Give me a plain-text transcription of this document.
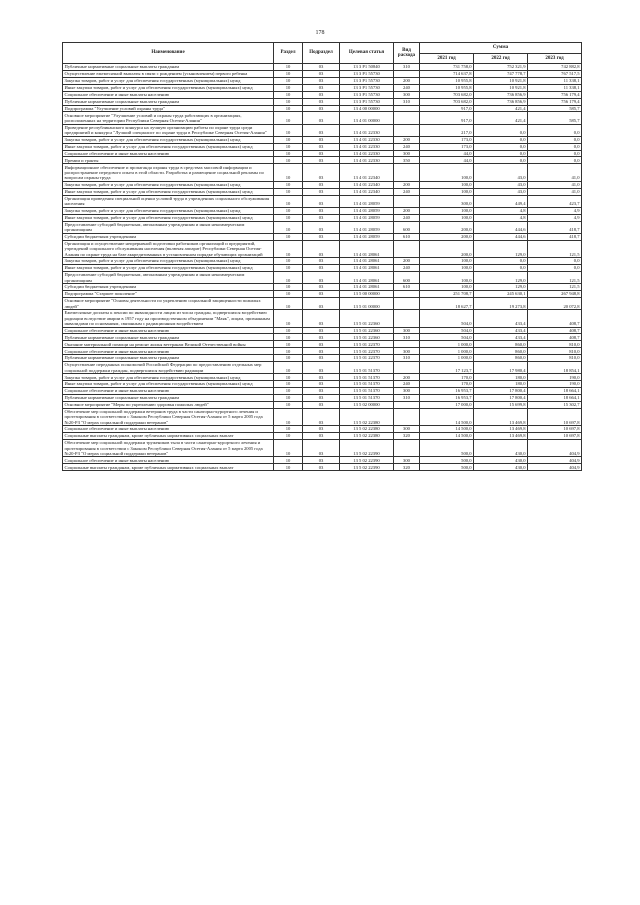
178
Наименование	Раздел	Подраздел	Целевая статья	Вид расхода	Сумма		
					2021 год	2022 год	2023 год
Публичные нормативные социальные выплаты гражданам	10	03	13 3 P1 50840	310	731 758,0	752 321,9	742 882,8
Осуществление ежемесячной выплаты в связи с рождением (усыновлением) первого ребенка	10	03	13 3 P1 55730		714 637,8	747 778,7	767 517,5
Закупка товаров, работ и услуг для обеспечения государственных (муниципальных) нужд	10	03	13 3 P1 55730	200	10 955,8	10 921,8	11 338,1
Иные закупки товаров, работ и услуг для обеспечения государственных (муниципальных) нужд	10	03	13 3 P1 55730	240	10 955,8	10 921,8	11 338,1
Социальное обеспечение и иные выплаты населению	10	03	13 3 P1 55730	300	703 682,0	736 856,9	756 179,4
Публичные нормативные социальные выплаты гражданам	10	03	13 3 P1 55730	310	703 682,0	736 856,9	756 179,4
Подпрограмма "Улучшение условий охраны труда"	10	03	13 4 00 00000		917,0	421,4	585,7
Основное мероприятие "Улучшение условий и охраны труда работающих в организациях, расположенных на территории Республики Северная Осетия-Алания"	10	03	13 4 01 00000		917,0	421,4	585,7
Проведение республиканского конкурса на лучшую организацию работы по охране труда среди предприятий и конкурса "Лучший специалист по охране труда в Республике Северная Осетия-Алания"	10	03	13 4 01 22330		217,0	0,0	0,0
Закупка товаров, работ и услуг для обеспечения государственных (муниципальных) нужд	10	03	13 4 01 22330	200	173,0	0,0	0,0
Иные закупки товаров, работ и услуг для обеспечения государственных (муниципальных) нужд	10	03	13 4 01 22330	240	173,0	0,0	0,0
Социальное обеспечение и иные выплаты населению	10	03	13 4 01 22330	300	44,0	0,0	0,0
Премии и гранты	10	03	13 4 01 22330	350	44,0	0,0	0,0
Информационное обеспечение и пропаганда охраны труда в средствах массовой информации и распространение передового опыта в этой области. Разработка и размещение социальной рекламы по вопросам охраны труда	10	03	13 4 01 22340		100,0	43,0	41,0
Закупка товаров, работ и услуг для обеспечения государственных (муниципальных) нужд	10	03	13 4 01 22340	200	100,0	43,0	41,0
Иные закупки товаров, работ и услуг для обеспечения государственных (муниципальных) нужд	10	03	13 4 01 22340	240	100,0	43,0	41,0
Организация проведения специальной оценки условий труда в учреждениях социального обслуживания населения	10	03	13 4 01 28059		300,0	449,4	423,7
Закупка товаров, работ и услуг для обеспечения государственных (муниципальных) нужд	10	03	13 4 01 28059	200	100,0	4,8	4,9
Иные закупки товаров, работ и услуг для обеспечения государственных (муниципальных) нужд	10	03	13 4 01 28059	240	100,0	4,8	4,9
Предоставление субсидий бюджетным, автономным учреждениям и иным некоммерческим организациям	10	03	13 4 01 28059	600	200,0	444,6	418,7
Субсидии бюджетным учреждениям	10	03	13 4 01 28059	610	200,0	444,6	418,7
Организация и осуществление непрерывной подготовки работников организаций и предприятий, учреждений социального обслуживания населения (включая аппарат) Республики Северная Осетия-Алания по охране труда на базе аккредитованных в установленном порядке обучающих организаций	10	03	13 4 01 28061		200,0	129,0	121,5
Закупка товаров, работ и услуг для обеспечения государственных (муниципальных) нужд	10	03	13 4 01 28061	200	100,0	0,0	0,0
Иные закупки товаров, работ и услуг для обеспечения государственных (муниципальных) нужд	10	03	13 4 01 28061	240	100,0	0,0	0,0
Предоставление субсидий бюджетным, автономным учреждениям и иным некоммерческим организациям	10	03	13 4 01 28061	600	100,0	129,0	121,5
Субсидии бюджетным учреждениям	10	03	13 4 01 28061	610	100,0	129,0	121,5
Подпрограмма "Старшее поколение"	10	03	13 5 00 00000		251 708,7	245 630,1	267 948,8
Основное мероприятие "Основы деятельности по укреплению социальной защищенности пожилых людей"	10	03	13 5 01 00000		18 627,7	19 273,8	20 072,8
Ежемесячные доплаты к пенсии по инвалидности лицам из числа граждан, подвергшихся воздействию радиации вследствие аварии в 1957 году на производственном объединении "Маяк", лицам, признанным инвалидами по основаниям, связанным с радиационным воздействием	10	03	13 5 01 22360		504,0	433,4	408,7
Социальное обеспечение и иные выплаты населению	10	03	13 5 01 22360	300	504,0	433,4	408,7
Публичные нормативные социальные выплаты гражданам	10	03	13 5 01 22360	310	504,0	433,4	408,7
Оказание материальной помощи на ремонт жилья ветеранам Великой Отечественной войны	10	03	13 5 01 22370		1 000,0	860,0	810,0
Социальное обеспечение и иные выплаты населению	10	03	13 5 01 22370	300	1 000,0	860,0	810,0
Публичные нормативные социальные выплаты гражданам	10	03	13 5 01 22370	310	1 000,0	860,0	810,0
Осуществление переданных полномочий Российской Федерации по предоставлению отдельных мер социальной поддержки граждан, подвергшихся воздействию радиации	10	03	13 5 01 51370		17 123,7	17 980,4	18 854,1
Закупка товаров, работ и услуг для обеспечения государственных (муниципальных) нужд	10	03	13 5 01 51370	200	170,0	180,0	190,0
Иные закупки товаров, работ и услуг для обеспечения государственных (муниципальных) нужд	10	03	13 5 01 51370	240	170,0	180,0	190,0
Социальное обеспечение и иные выплаты населению	10	03	13 5 01 51370	300	16 953,7	17 800,4	18 664,1
Публичные нормативные социальные выплаты гражданам	10	03	13 5 01 51370	310	16 953,7	17 800,4	18 664,1
Основное мероприятие "Меры по укреплению здоровья пожилых людей"	10	03	13 5 02 00000		17 000,0	15 699,8	15 302,7
Обеспечение мер социальной поддержки ветеранов труда в части санаторно-курортного лечения и протезирования в соответствии с Законом Республики Северная Осетия-Алания от 5 марта 2005 года №20-РЗ "О мерах социальной поддержки ветеранов"	10	03	13 5 02 22380		14 500,0	13 469,8	10 697,8
Социальное обеспечение и иные выплаты населению	10	03	13 5 02 22380	300	14 500,0	13 469,8	10 697,8
Социальные выплаты гражданам, кроме публичных нормативных социальных выплат	10	03	13 5 02 22380	320	14 500,0	13 469,8	10 697,8
Обеспечение мер социальной поддержки тружеников тыла в части санаторно-курортного лечения и протезирования в соответствии с Законом Республики Северная Осетия-Алания от 5 марта 2005 года №20-РЗ "О мерах социальной поддержки ветеранов"	10	03	13 5 02 22390		500,0	430,0	404,9
Социальное обеспечение и иные выплаты населению	10	03	13 5 02 22390	300	500,0	430,0	404,9
Социальные выплаты гражданам, кроме публичных нормативных социальных выплат	10	03	13 5 02 22390	320	500,0	430,0	404,9
